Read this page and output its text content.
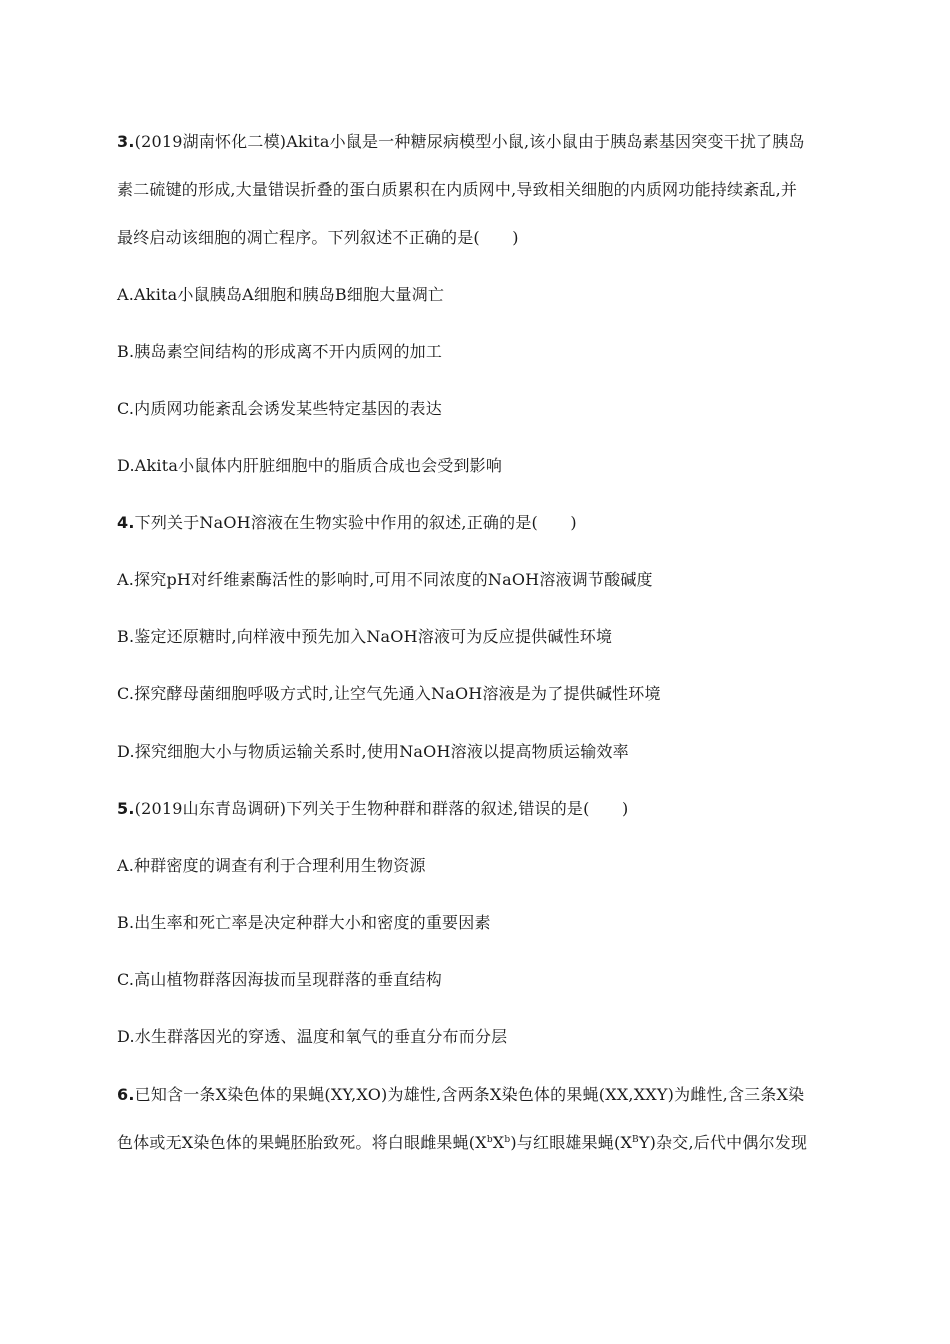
3.(2019湖南怀化二模)Akita小鼠是一种糖尿病模型小鼠,该小鼠由于胰岛素基因突变干扰了胰岛
素二硫键的形成,大量错误折叠的蛋白质累积在内质网中,导致相关细胞的内质网功能持续紊乱,并
最终启动该细胞的凋亡程序。下列叙述不正确的是(　　)
A.Akita小鼠胰岛A细胞和胰岛B细胞大量凋亡
B.胰岛素空间结构的形成离不开内质网的加工
C.内质网功能紊乱会诱发某些特定基因的表达
D.Akita小鼠体内肝脏细胞中的脂质合成也会受到影响
4.下列关于NaOH溶液在生物实验中作用的叙述,正确的是(　　)
A.探究pH对纤维素酶活性的影响时,可用不同浓度的NaOH溶液调节酸碱度
B.鉴定还原糖时,向样液中预先加入NaOH溶液可为反应提供碱性环境
C.探究酵母菌细胞呼吸方式时,让空气先通入NaOH溶液是为了提供碱性环境
D.探究细胞大小与物质运输关系时,使用NaOH溶液以提高物质运输效率
5.(2019山东青岛调研)下列关于生物种群和群落的叙述,错误的是(　　)
A.种群密度的调查有利于合理利用生物资源
B.出生率和死亡率是决定种群大小和密度的重要因素
C.高山植物群落因海拔而呈现群落的垂直结构
D.水生群落因光的穿透、温度和氧气的垂直分布而分层
6.已知含一条X染色体的果蝇(XY,XO)为雄性,含两条X染色体的果蝇(XX,XXY)为雌性,含三条X染
色体或无X染色体的果蝇胚胎致死。将白眼雌果蝇$(X^bX^b)$与红眼雄果蝇$(X^BY)$杂交,后代中偶尔发现
